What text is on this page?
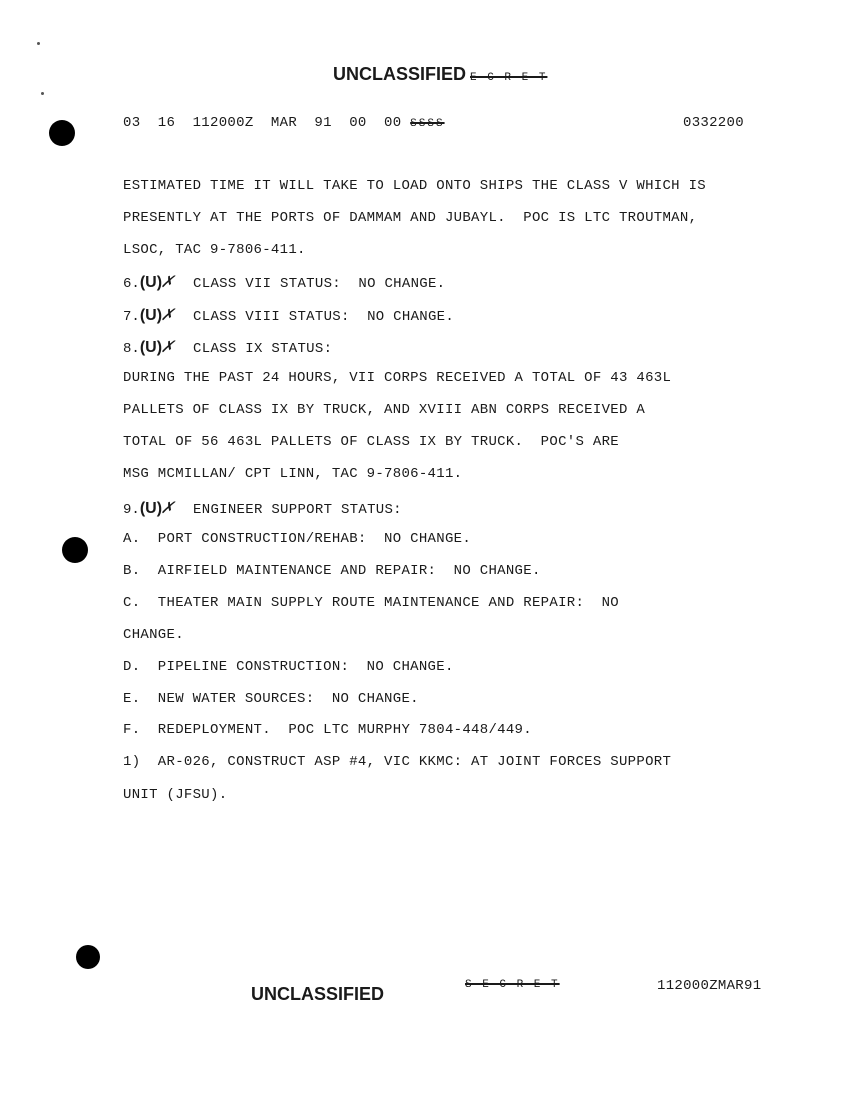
UNCLASSIFIED E C R E T
03  16  112000Z  MAR  91  00  00 SSSS	0332200
ESTIMATED TIME IT WILL TAKE TO LOAD ONTO SHIPS THE CLASS V WHICH IS
PRESENTLY AT THE PORTS OF DAMMAM AND JUBAYL.  POC IS LTC TROUTMAN,
LSOC, TAC 9-7806-411.
6.(U)✗ CLASS VII STATUS:  NO CHANGE.
7.(U)✗ CLASS VIII STATUS:  NO CHANGE.
8.(U)✗ CLASS IX STATUS:
DURING THE PAST 24 HOURS, VII CORPS RECEIVED A TOTAL OF 43 463L
PALLETS OF CLASS IX BY TRUCK, AND XVIII ABN CORPS RECEIVED A
TOTAL OF 56 463L PALLETS OF CLASS IX BY TRUCK.  POC'S ARE
MSG MCMILLAN/ CPT LINN, TAC 9-7806-411.
9.(U)✗ ENGINEER SUPPORT STATUS:
A.  PORT CONSTRUCTION/REHAB:  NO CHANGE.
B.  AIRFIELD MAINTENANCE AND REPAIR:  NO CHANGE.
C.  THEATER MAIN SUPPLY ROUTE MAINTENANCE AND REPAIR:  NO
CHANGE.
D.  PIPELINE CONSTRUCTION:  NO CHANGE.
E.  NEW WATER SOURCES:  NO CHANGE.
F.  REDEPLOYMENT.  POC LTC MURPHY 7804-448/449.
1)  AR-026, CONSTRUCT ASP #4, VIC KKMC: AT JOINT FORCES SUPPORT
UNIT (JFSU).
UNCLASSIFIED	S E C R E T	112000ZMAR91
